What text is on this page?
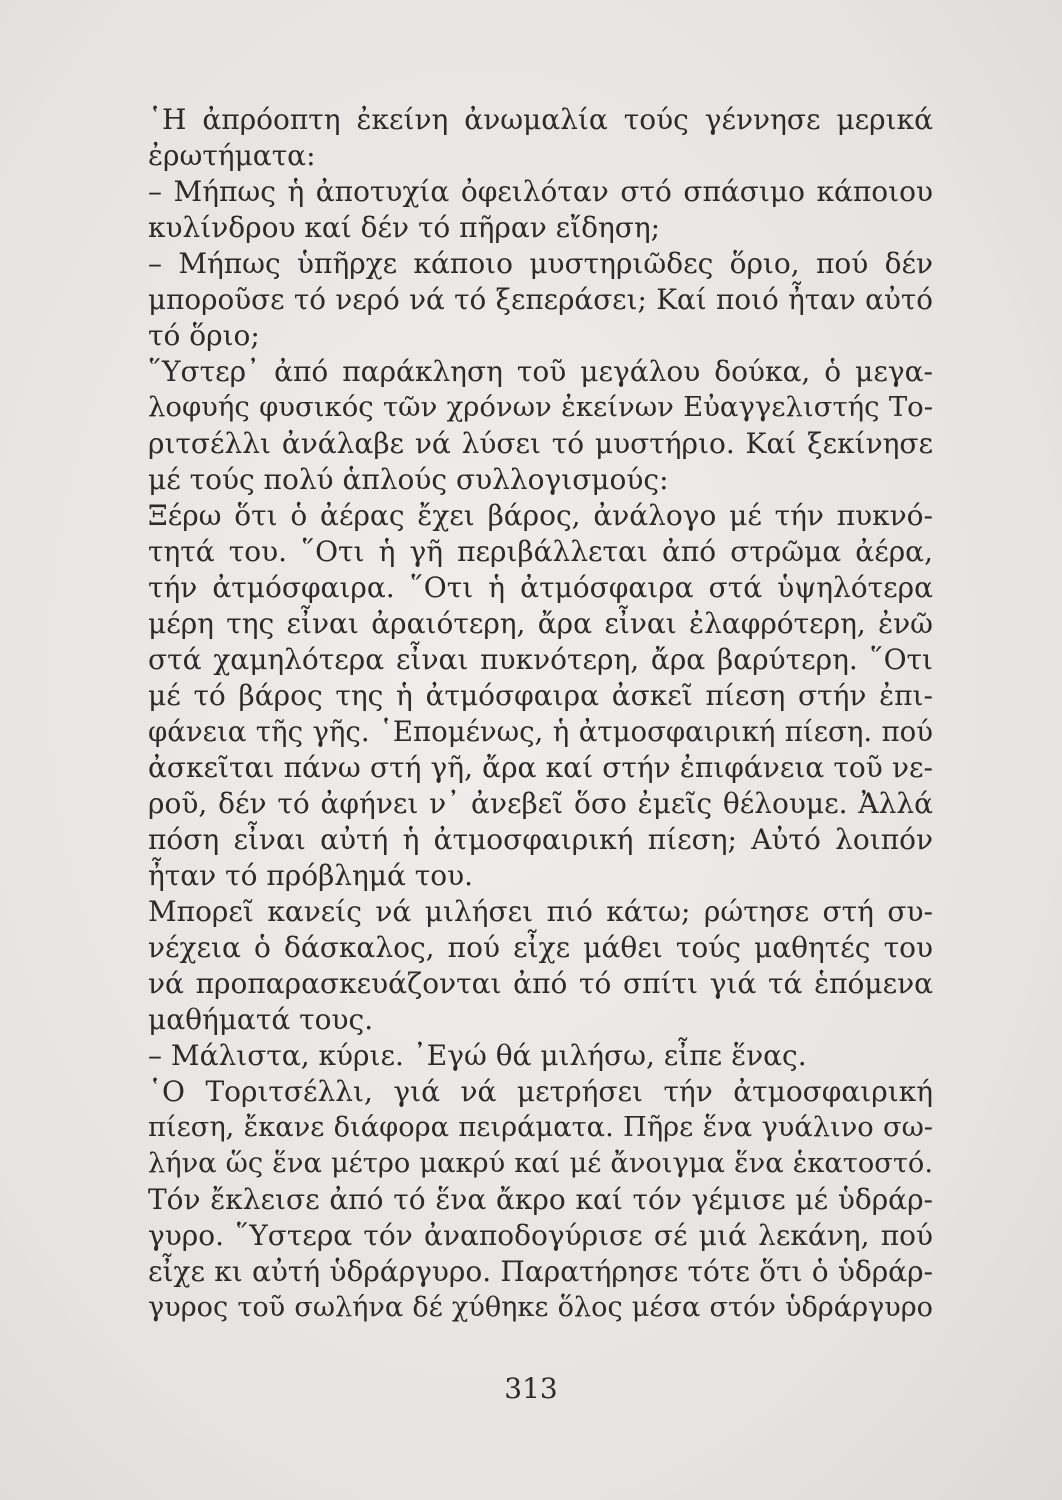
῾Η ἀπρόοπτη ἐκείνη ἀνωμαλία τούς γέννησε μερικά
ἐρωτήματα:
– Μήπως ἡ ἀποτυχία ὀφειλόταν στό σπάσιμο κάποιου
κυλίνδρου καί δέν τό πῆραν εἴδηση;
– Μήπως ὑπῆρχε κάποιο μυστηριῶδες ὅριο, πού δέν
μποροῦσε τό νερό νά τό ξεπεράσει; Καί ποιό ἦταν αὐτό
τό ὅριο;
῞Υστερ᾽ ἀπό παράκληση τοῦ μεγάλου δούκα, ὁ μεγα-
λοφυής φυσικός τῶν χρόνων ἐκείνων Εὐαγγελιστής Το-
ριτσέλλι ἀνάλαβε νά λύσει τό μυστήριο. Καί ξεκίνησε
μέ τούς πολύ ἁπλούς συλλογισμούς:
Ξέρω ὅτι ὁ ἀέρας ἔχει βάρος, ἀνάλογο μέ τήν πυκνό-
τητά του. ῞Οτι ἡ γῆ περιβάλλεται ἀπό στρῶμα ἀέρα,
τήν ἀτμόσφαιρα. ῞Οτι ἡ ἀτμόσφαιρα στά ὑψηλότερα
μέρη της εἶναι ἀραιότερη, ἄρα εἶναι ἐλαφρότερη, ἐνῶ
στά χαμηλότερα εἶναι πυκνότερη, ἄρα βαρύτερη. ῞Οτι
μέ τό βάρος της ἡ ἀτμόσφαιρα ἀσκεῖ πίεση στήν ἐπι-
φάνεια τῆς γῆς. ῾Επομένως, ἡ ἀτμοσφαιρική πίεση. πού
ἀσκεῖται πάνω στή γῆ, ἄρα καί στήν ἐπιφάνεια τοῦ νε-
ροῦ, δέν τό ἀφήνει ν᾽ ἀνεβεῖ ὅσο ἐμεῖς θέλουμε. Ἀλλά
πόση εἶναι αὐτή ἡ ἀτμοσφαιρική πίεση; Αὐτό λοιπόν
ἦταν τό πρόβλημά του.
Μπορεῖ κανείς νά μιλήσει πιό κάτω; ρώτησε στή συ-
νέχεια ὁ δάσκαλος, πού εἶχε μάθει τούς μαθητές του
νά προπαρασκευάζονται ἀπό τό σπίτι γιά τά ἑπόμενα
μαθήματά τους.
– Μάλιστα, κύριε. ᾽Εγώ θά μιλήσω, εἶπε ἕνας.
῾Ο Τοριτσέλλι, γιά νά μετρήσει τήν ἀτμοσφαιρική
πίεση, ἔκανε διάφορα πειράματα. Πῆρε ἕνα γυάλινο σω-
λήνα ὥς ἕνα μέτρο μακρύ καί μέ ἄνοιγμα ἕνα ἑκατοστό.
Τόν ἔκλεισε ἀπό τό ἕνα ἄκρο καί τόν γέμισε μέ ὑδράρ-
γυρο. ῞Υστερα τόν ἀναποδογύρισε σέ μιά λεκάνη, πού
εἶχε κι αὐτή ὑδράργυρο. Παρατήρησε τότε ὅτι ὁ ὑδράρ-
γυρος τοῦ σωλήνα δέ χύθηκε ὅλος μέσα στόν ὑδράργυρο
313
